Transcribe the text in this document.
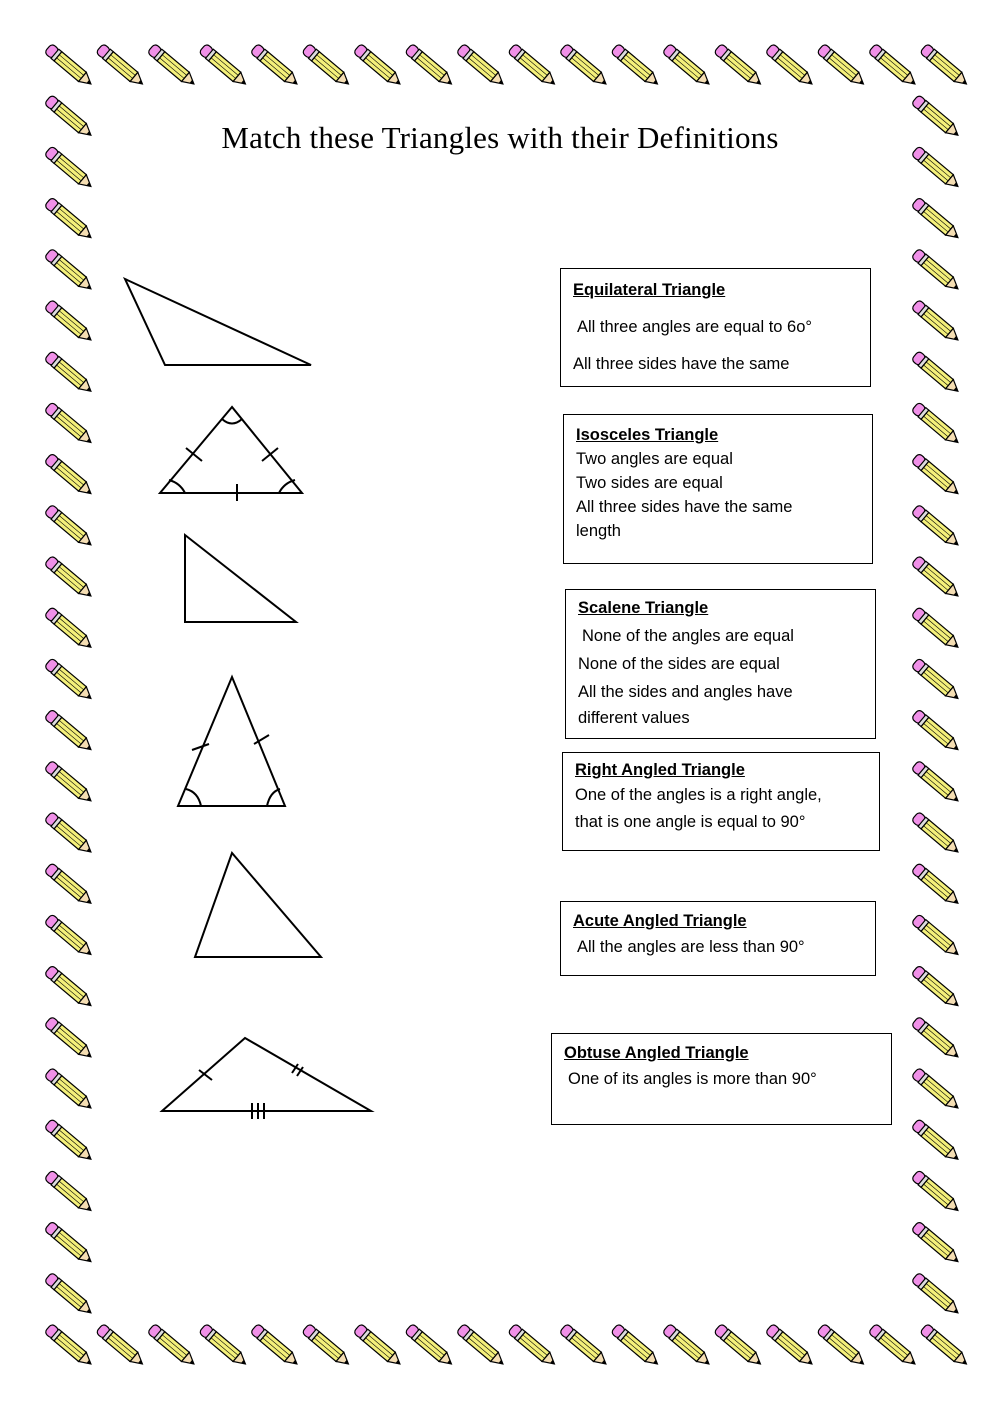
Match these Triangles with their Definitions
Equilateral Triangle
All three angles are equal to 6o°
All three sides have the same
Isosceles Triangle
Two angles are equal
Two sides are equal
All three sides have the same
length
Scalene Triangle
None of the angles are equal
None of the sides are equal
All the sides and angles have
different values
Right Angled Triangle
One of the angles is a right angle,
that is one angle is equal to 90°
Acute Angled Triangle
All the angles are less than 90°
Obtuse Angled Triangle
One of its angles is more than 90°
